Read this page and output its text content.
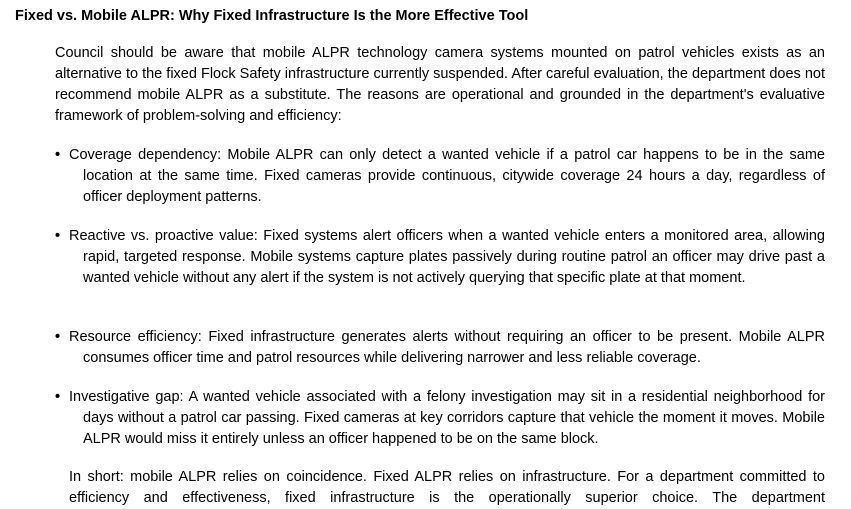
Fixed vs. Mobile ALPR: Why Fixed Infrastructure Is the More Effective Tool
Council should be aware that mobile ALPR technology camera systems mounted on patrol vehicles exists as an alternative to the fixed Flock Safety infrastructure currently suspended. After careful evaluation, the department does not recommend mobile ALPR as a substitute. The reasons are operational and grounded in the department's evaluative framework of problem-solving and efficiency:
• Coverage dependency: Mobile ALPR can only detect a wanted vehicle if a patrol car happens to be in the same location at the same time. Fixed cameras provide continuous, citywide coverage 24 hours a day, regardless of officer deployment patterns.
• Reactive vs. proactive value: Fixed systems alert officers when a wanted vehicle enters a monitored area, allowing rapid, targeted response. Mobile systems capture plates passively during routine patrol an officer may drive past a wanted vehicle without any alert if the system is not actively querying that specific plate at that moment.
• Resource efficiency: Fixed infrastructure generates alerts without requiring an officer to be present. Mobile ALPR consumes officer time and patrol resources while delivering narrower and less reliable coverage.
• Investigative gap: A wanted vehicle associated with a felony investigation may sit in a residential neighborhood for days without a patrol car passing. Fixed cameras at key corridors capture that vehicle the moment it moves. Mobile ALPR would miss it entirely unless an officer happened to be on the same block.
In short: mobile ALPR relies on coincidence. Fixed ALPR relies on infrastructure. For a department committed to efficiency and effectiveness, fixed infrastructure is the operationally superior choice. The department
